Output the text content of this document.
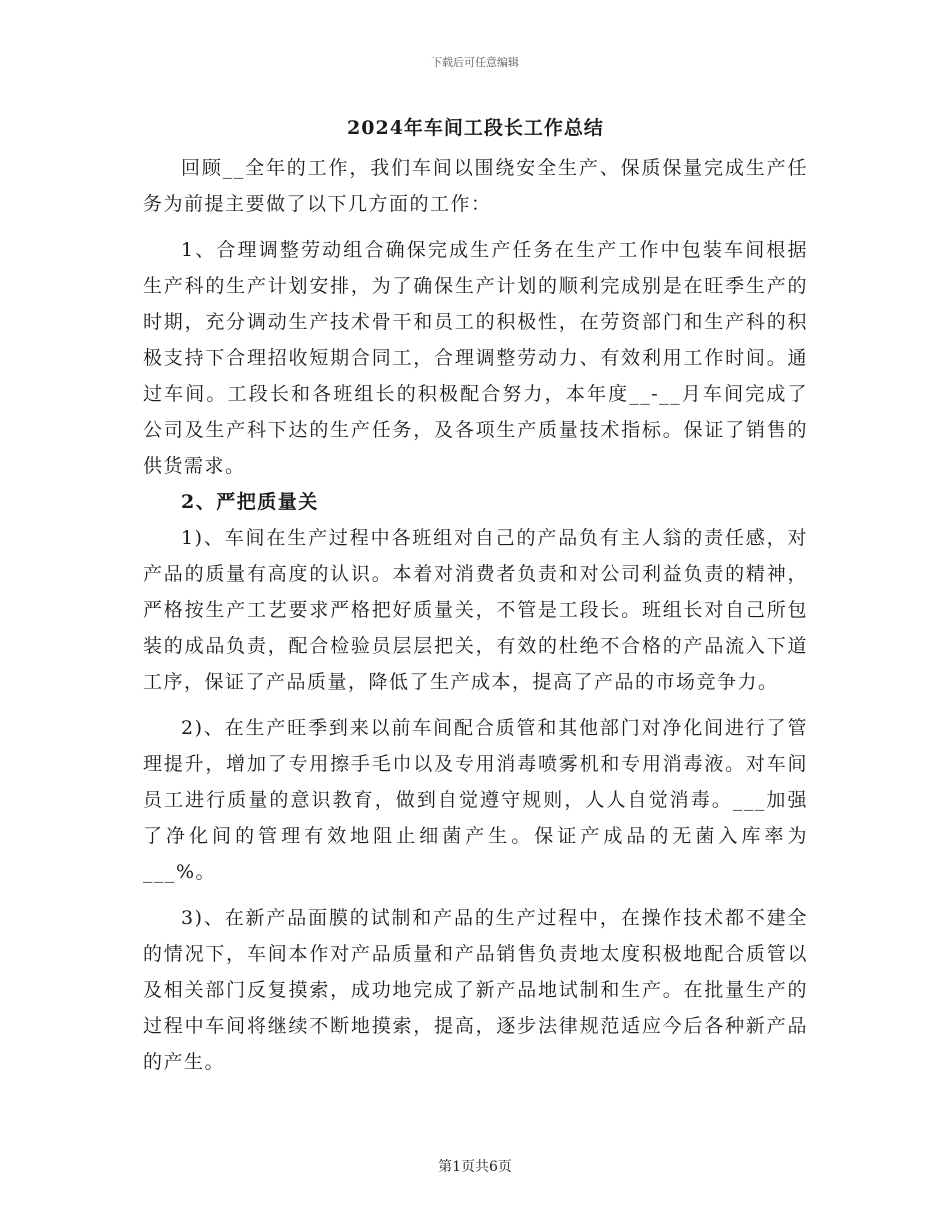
下载后可任意编辑
2024年车间工段长工作总结

回顾__全年的工作，我们车间以围绕安全生产、保质保量完成生产任务为前提主要做了以下几方面的工作：

1、合理调整劳动组合确保完成生产任务在生产工作中包装车间根据生产科的生产计划安排，为了确保生产计划的顺利完成别是在旺季生产的时期，充分调动生产技术骨干和员工的积极性，在劳资部门和生产科的积极支持下合理招收短期合同工，合理调整劳动力、有效利用工作时间。通过车间。工段长和各班组长的积极配合努力，本年度__-__月车间完成了公司及生产科下达的生产任务，及各项生产质量技术指标。保证了销售的供货需求。

2、严把质量关

1)、车间在生产过程中各班组对自己的产品负有主人翁的责任感，对产品的质量有高度的认识。本着对消费者负责和对公司利益负责的精神，严格按生产工艺要求严格把好质量关，不管是工段长。班组长对自己所包装的成品负责，配合检验员层层把关，有效的杜绝不合格的产品流入下道工序，保证了产品质量，降低了生产成本，提高了产品的市场竞争力。

2)、在生产旺季到来以前车间配合质管和其他部门对净化间进行了管理提升，增加了专用擦手毛巾以及专用消毒喷雾机和专用消毒液。对车间员工进行质量的意识教育，做到自觉遵守规则，人人自觉消毒。___加强了净化间的管理有效地阻止细菌产生。保证产成品的无菌入库率为___%。

3)、在新产品面膜的试制和产品的生产过程中，在操作技术都不建全的情况下，车间本作对产品质量和产品销售负责地太度积极地配合质管以及相关部门反复摸索，成功地完成了新产品地试制和生产。在批量生产的过程中车间将继续不断地摸索，提高，逐步法律规范适应今后各种新产品的产生。

第1页共6页
